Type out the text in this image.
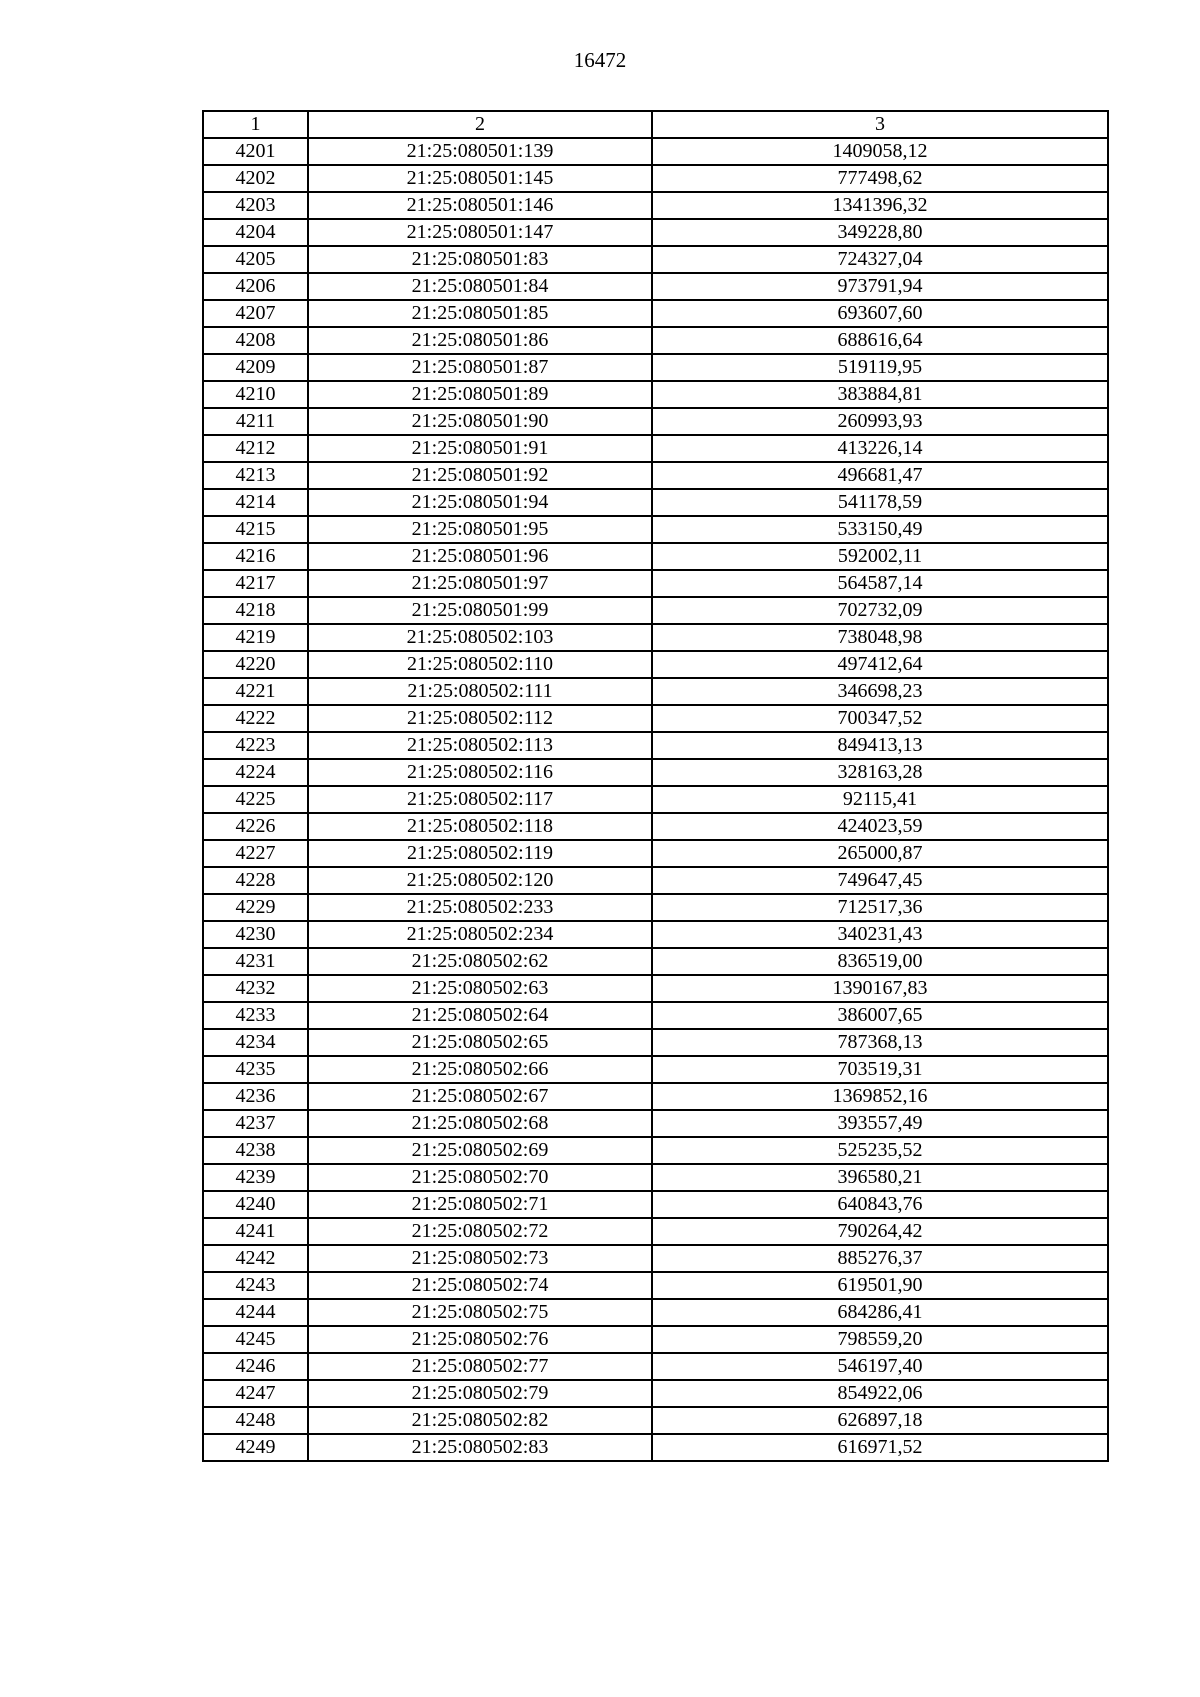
16472
1	2	3
4201	21:25:080501:139	1409058,12
4202	21:25:080501:145	777498,62
4203	21:25:080501:146	1341396,32
4204	21:25:080501:147	349228,80
4205	21:25:080501:83	724327,04
4206	21:25:080501:84	973791,94
4207	21:25:080501:85	693607,60
4208	21:25:080501:86	688616,64
4209	21:25:080501:87	519119,95
4210	21:25:080501:89	383884,81
4211	21:25:080501:90	260993,93
4212	21:25:080501:91	413226,14
4213	21:25:080501:92	496681,47
4214	21:25:080501:94	541178,59
4215	21:25:080501:95	533150,49
4216	21:25:080501:96	592002,11
4217	21:25:080501:97	564587,14
4218	21:25:080501:99	702732,09
4219	21:25:080502:103	738048,98
4220	21:25:080502:110	497412,64
4221	21:25:080502:111	346698,23
4222	21:25:080502:112	700347,52
4223	21:25:080502:113	849413,13
4224	21:25:080502:116	328163,28
4225	21:25:080502:117	92115,41
4226	21:25:080502:118	424023,59
4227	21:25:080502:119	265000,87
4228	21:25:080502:120	749647,45
4229	21:25:080502:233	712517,36
4230	21:25:080502:234	340231,43
4231	21:25:080502:62	836519,00
4232	21:25:080502:63	1390167,83
4233	21:25:080502:64	386007,65
4234	21:25:080502:65	787368,13
4235	21:25:080502:66	703519,31
4236	21:25:080502:67	1369852,16
4237	21:25:080502:68	393557,49
4238	21:25:080502:69	525235,52
4239	21:25:080502:70	396580,21
4240	21:25:080502:71	640843,76
4241	21:25:080502:72	790264,42
4242	21:25:080502:73	885276,37
4243	21:25:080502:74	619501,90
4244	21:25:080502:75	684286,41
4245	21:25:080502:76	798559,20
4246	21:25:080502:77	546197,40
4247	21:25:080502:79	854922,06
4248	21:25:080502:82	626897,18
4249	21:25:080502:83	616971,52
